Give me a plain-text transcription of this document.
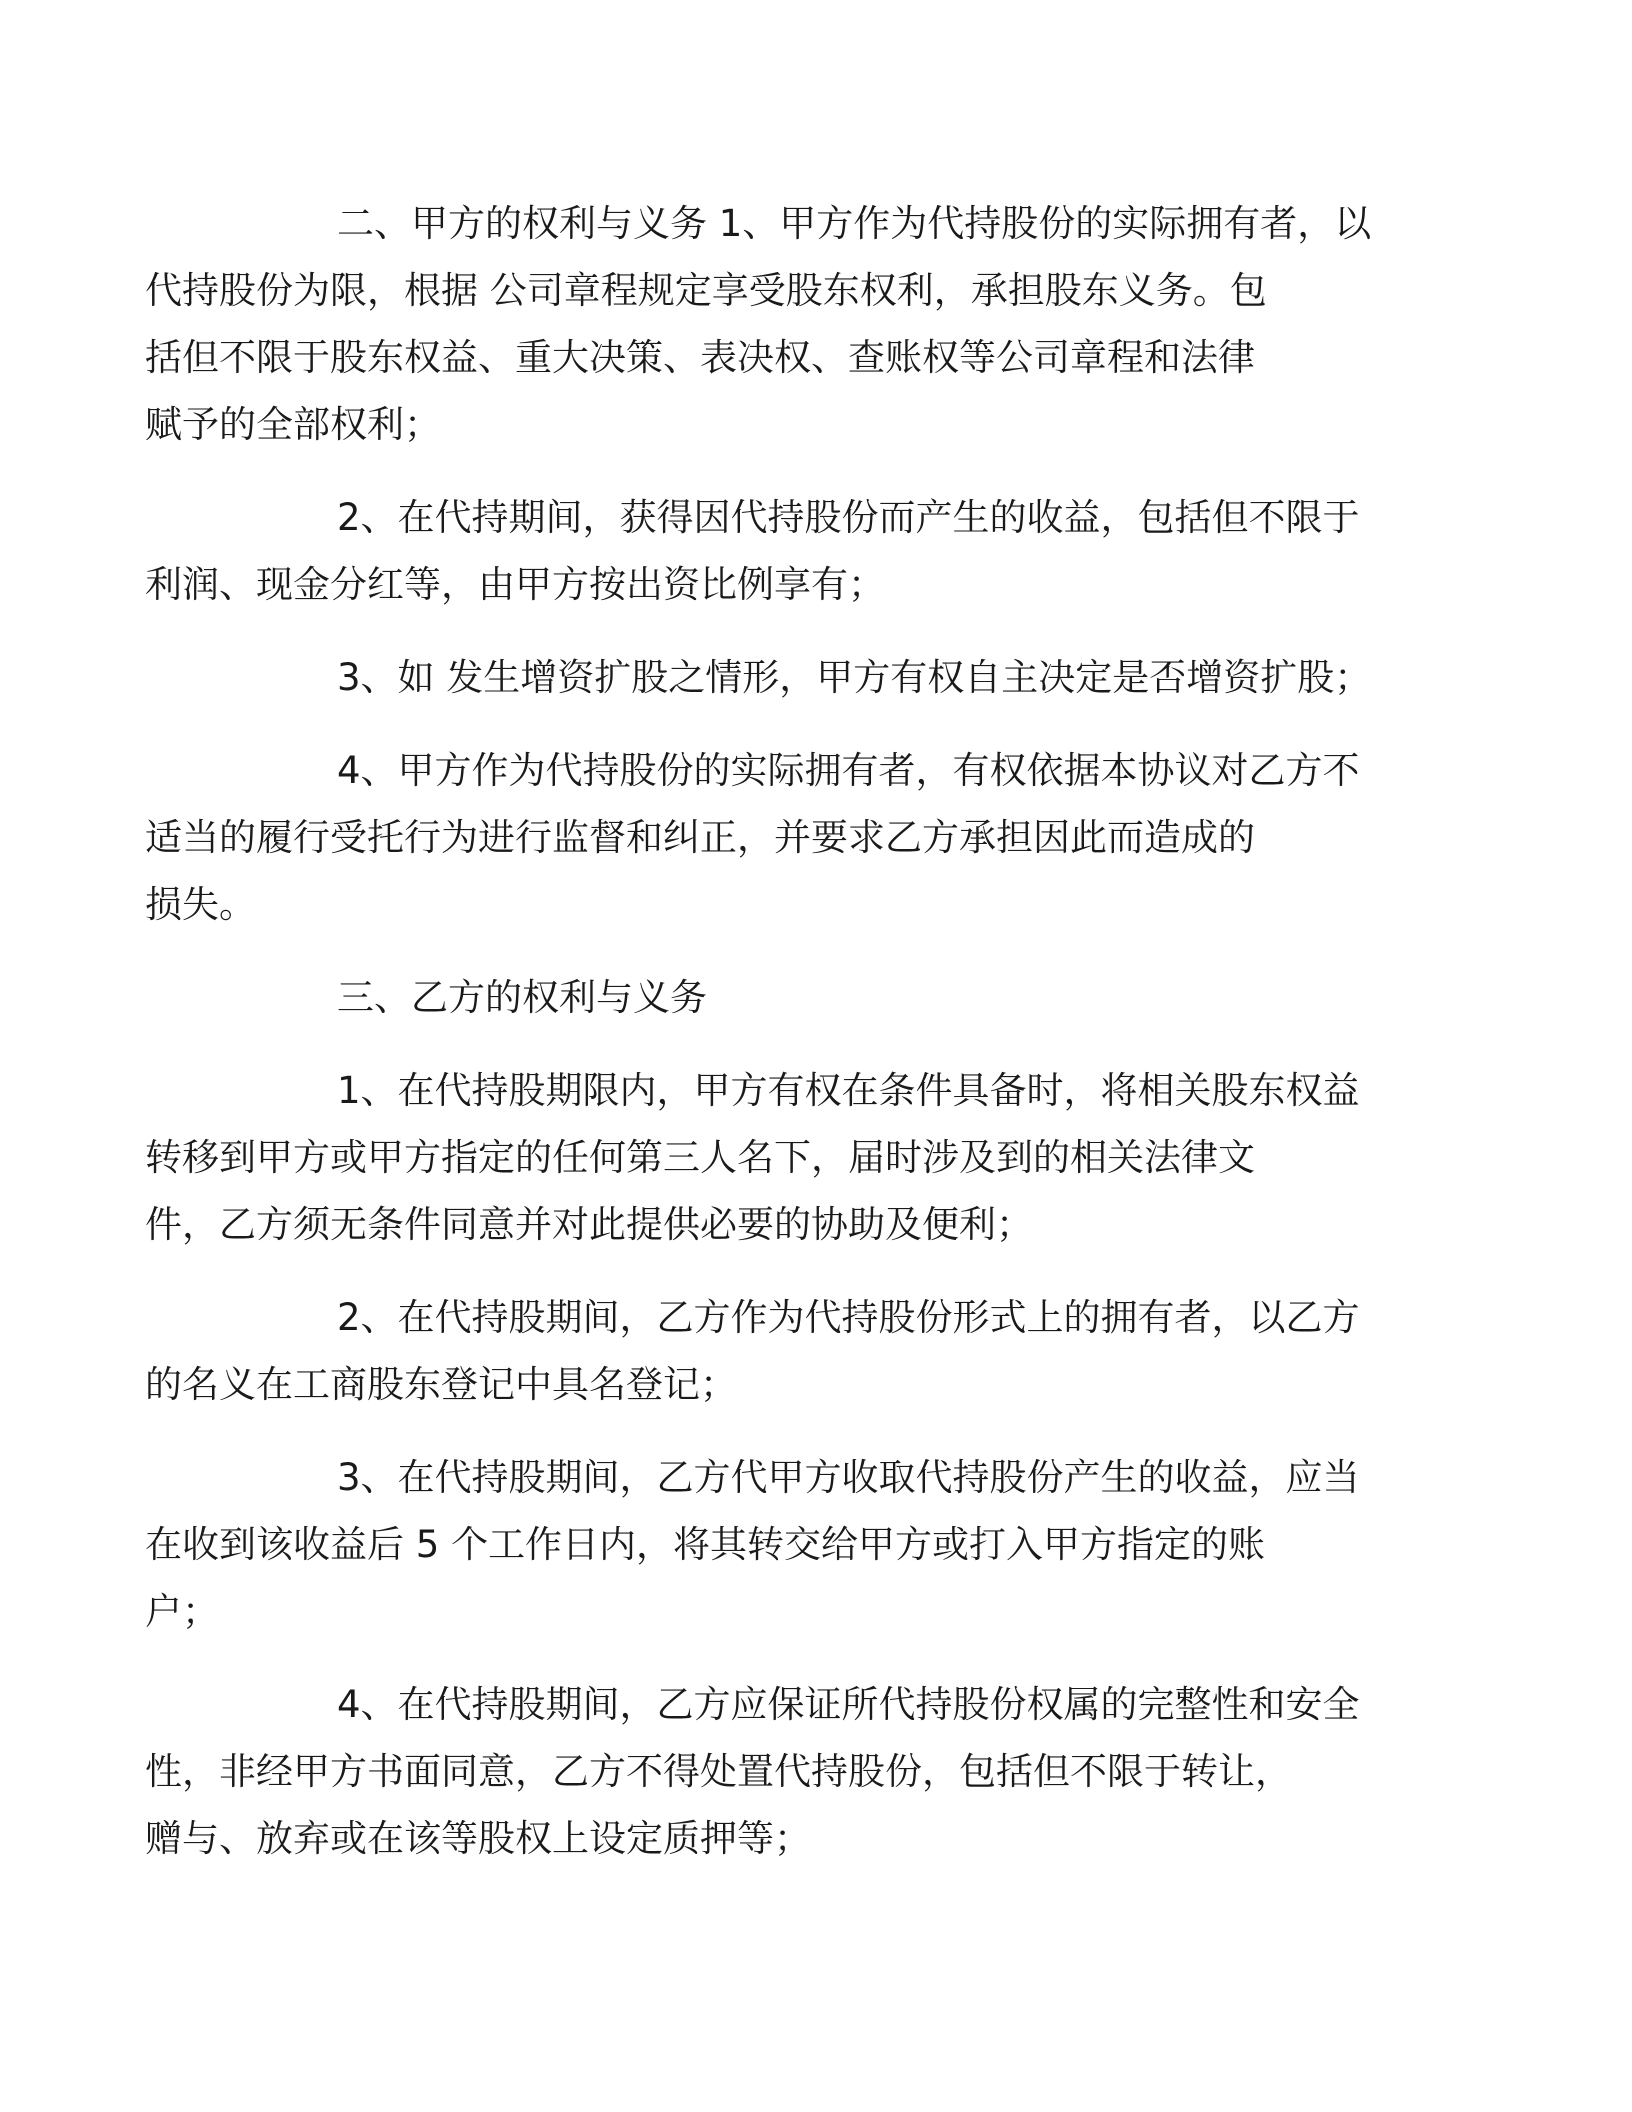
二、甲方的权利与义务 1、甲方作为代持股份的实际拥有者，以
代持股份为限，根据 公司章程规定享受股东权利，承担股东义务。包
括但不限于股东权益、重大决策、表决权、查账权等公司章程和法律
赋予的全部权利；

2、在代持期间，获得因代持股份而产生的收益，包括但不限于
利润、现金分红等，由甲方按出资比例享有；

3、如 发生增资扩股之情形，甲方有权自主决定是否增资扩股；

4、甲方作为代持股份的实际拥有者，有权依据本协议对乙方不
适当的履行受托行为进行监督和纠正，并要求乙方承担因此而造成的
损失。

三、乙方的权利与义务

1、在代持股期限内，甲方有权在条件具备时，将相关股东权益
转移到甲方或甲方指定的任何第三人名下，届时涉及到的相关法律文
件，乙方须无条件同意并对此提供必要的协助及便利；

2、在代持股期间，乙方作为代持股份形式上的拥有者，以乙方
的名义在工商股东登记中具名登记；

3、在代持股期间，乙方代甲方收取代持股份产生的收益，应当
在收到该收益后 5 个工作日内，将其转交给甲方或打入甲方指定的账
户；

4、在代持股期间，乙方应保证所代持股份权属的完整性和安全
性，非经甲方书面同意，乙方不得处置代持股份，包括但不限于转让，
赠与、放弃或在该等股权上设定质押等；
